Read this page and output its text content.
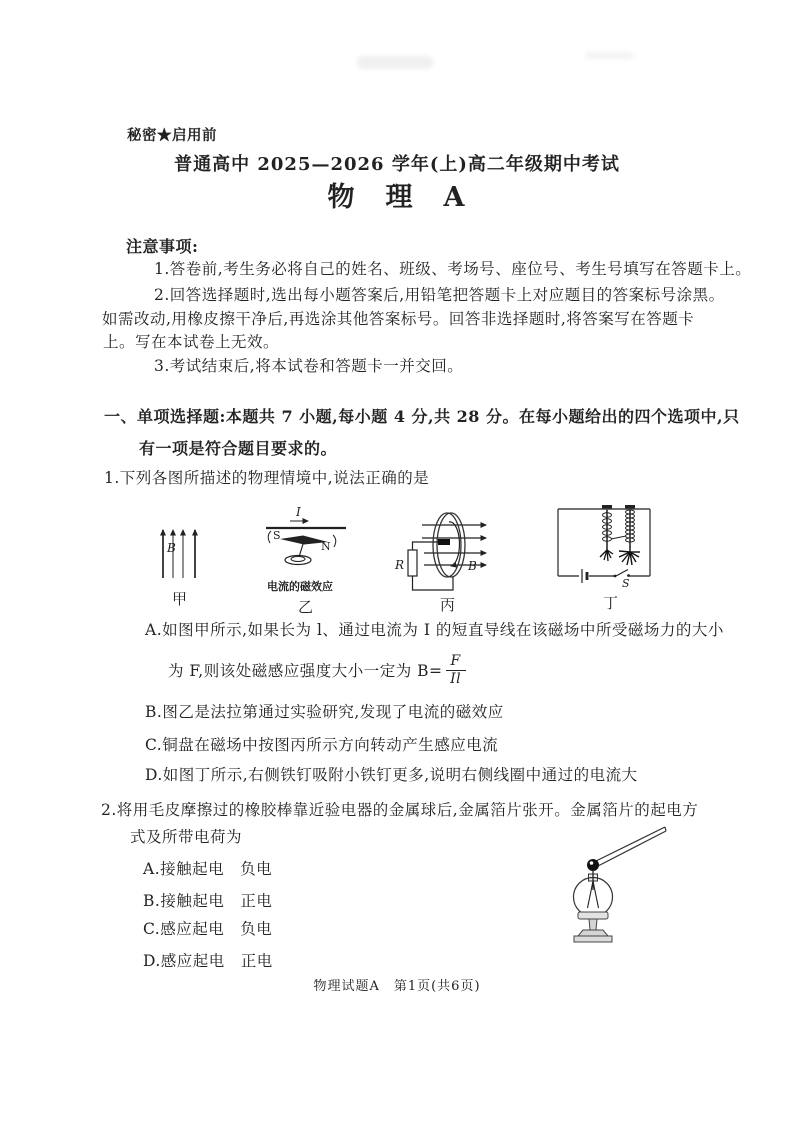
秘密★启用前
普通高中 2025—2026 学年(上)高二年级期中考试
物　理　A
注意事项:
1.答卷前,考生务必将自己的姓名、班级、考场号、座位号、考生号填写在答题卡上。
2.回答选择题时,选出每小题答案后,用铅笔把答题卡上对应题目的答案标号涂黑。
如需改动,用橡皮擦干净后,再选涂其他答案标号。回答非选择题时,将答案写在答题卡
上。写在本试卷上无效。
3.考试结束后,将本试卷和答题卡一并交回。
一、单项选择题:本题共 7 小题,每小题 4 分,共 28 分。在每小题给出的四个选项中,只
有一项是符合题目要求的。
1.下列各图所描述的物理情境中,说法正确的是
B
甲
I
S
N
电流的磁效应
乙
R	B
丙
S
丁
A.如图甲所示,如果长为 l、通过电流为 I 的短直导线在该磁场中所受磁场力的大小
为 F,则该处磁感应强度大小一定为 $B= \frac{F}{Il}$
B.图乙是法拉第通过实验研究,发现了电流的磁效应
C.铜盘在磁场中按图丙所示方向转动产生感应电流
D.如图丁所示,右侧铁钉吸附小铁钉更多,说明右侧线圈中通过的电流大
2.将用毛皮摩擦过的橡胶棒靠近验电器的金属球后,金属箔片张开。金属箔片的起电方
式及所带电荷为
A.接触起电　负电
B.接触起电　正电
C.感应起电　负电
D.感应起电　正电
物理试题A　第1页(共6页)
